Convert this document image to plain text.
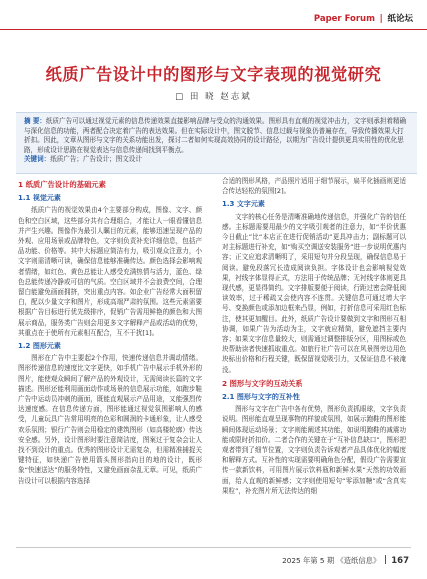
Paper Forum | 纸论坛
纸质广告设计中的图形与文字表现的视觉研究
□ 田 晓 赵志斌
摘 要：纸质广告可以通过视觉元素的信息传递效果直接影响品牌与受众的沟通效果。图形具有直观的视觉冲击力，文字则承担着精确与深化信息的功能，两者配合决定着广告的表达效果。但在实际设计中，图文脱节、信息过载与视象仍普遍存在，导致传播效果大打折扣。因此，文章从图形与文字的关系功能出发，探讨二者如何实现高效协同的设计路径，以期为广告设计提供更具实用性的优化思路，形成设计思路在视觉表达与信息传递间找到平衡点。
关键词：纸质广告；广告设计；图文设计
1 纸质广告设计的基础元素
1.1 视觉元素

纸质广告的视觉效果由4个主要部分构成，图像、文字、颜色和空白区域，这些部分共有合理组合，才能让人一眼看懂信息并产生兴趣。图像作为最引人瞩目的元素，能够迅速呈现产品的外观、应用场景或品牌特色，文字则负责补充详细信息，包括产品功能、价格等。其中大标题应简洁有力，吸引观众注意力，小文字则需清晰可读，确保信息能够准确传达。颜色选择会影响观者情绪，如红色、黄色总能让人感受充满热情与活力，蓝色、绿色总能传递冷静或可信的气质。空白区域并不会浪费空间，合理留白能避免画面拥挤，突出重点内容。如企业广告经常大面积留白，配以少量文字和图片，形成高端严肃的氛围。这些元素需要根据广告目标进行优先级排序，促销广告需用鲜艳的颜色和大图展示商品，服务类广告则会用更多文字解释产品或活动的优势，其重点在于使所有元素相互配合，互不干扰[1]。

1.2 图形元素

图形在广告中主要起2个作用，快速传递信息并调动情绪。图形传递信息的速度比文字更快，如手机广告中展示手机外形的图片，能使观众瞬间了解产品的外观设计，无需阅读长篇的文字描述。图形还能利用画面动作或场景的信息展示功能，如跑步鞋广告中运动员冲刺的画面，既能直观展示产品用途，又能强烈传达速度感。在信息传递方面，图形能通过视觉氛围影响人的感受，儿童玩具广告常用明亮的色彩和圆润的卡通形象，让人感受欢乐氛围；银行广告则会用稳定的建筑图形（如高楼轮廓）传达安全感。另外，设计图形时要注意简洁度，图案过于复杂会让人找不到设计的重点。优秀的图形设计无需复杂，但需精准捕捉关键特征，如快递广告使用箭头图形指向目的地的设计，既形象“快速送达”的服务特性，又避免画面杂乱无章。可见，纸质广告设计可以根据内容选择

合适的图形风格，产品照片适用于细节展示，扁平化插画则更适合传达轻松的氛围[2]。

1.3 文字元素

文字的核心任务是清晰准确地传递信息，并强化广告的信任感。主标题需要用最少的文字吸引观者的注意力，如“半价优惠今日截止”比“本店正在进行促销活动”更具冲击力；副标题可以对主标题进行补充，如“购买空调送安装服务”进一步说明优惠内容；正文应追求清晰明了，采用短句并分段呈现，确保信息易于阅读。避免段落冗长造成阅读负担。字体设计也会影响视觉效果，衬线字体显得正式，方法用于传统品牌；无衬线字体则更具现代感，更显得简约。文字排版要便于阅读，行距过密会降低阅读效率，过于稀疏又会使内容不连贯。关键信息可通过增大字号、变换颜色或添加边框来凸显，例如，打折信息可采用红色标注，使其更加醒目。此外，纸质广告设计要做到文字和图形互相协调，如果广告为活动为主，文字就应精简，避免遮挡主要内容；如果文字信息量较大，则需通过调整排版分区，用图标或色块帮助读者快速抓取重点。如旅行社广告可以在风景图旁边用色块标出价格和行程关键，既保留视觉吸引力，又保证信息不被淹没。

2 图形与文字的互动关系
2.1 图形与文字的互补性

图形与文字在广告中各有优势，图形负责抓眼球，文字负责说明。图形能直观呈现事物的样貌或氛围，如展示跑鞋的图形能瞬间体现运动场景；文字则能阐述其功能，如说明跑鞋的减震功能或限时折扣价。二者合作的关键在于“互补信息缺口”，图形把观者带到了细节位置，文字则负责告诉观者产品具体优化的幅度和解释方式。互补性的实现需要明确角色分配，假设广告需要宣传一款新饮料，可用图片展示饮料瓶和新鲜水果“天然的功效画面，给人直观的新鲜感；文字则使用短句“零添加糖”或“含真实果粒”，补充图片所无法传达的细

2025 年第 5 期 《造纸信息》 167
